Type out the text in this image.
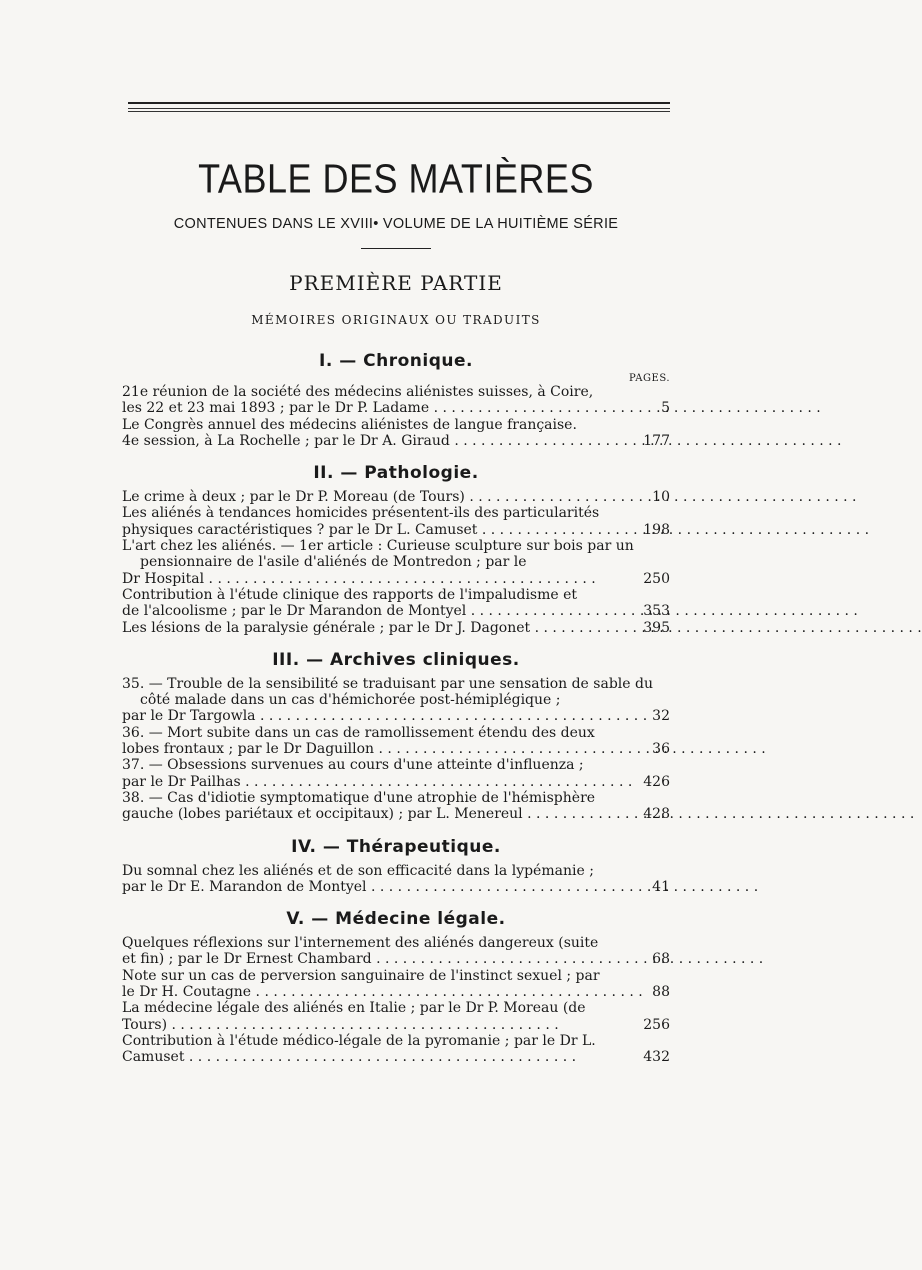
TABLE DES MATIÈRES
CONTENUES DANS LE XVIII• VOLUME DE LA HUITIÈME SÉRIE
PREMIÈRE PARTIE
MÉMOIRES ORIGINAUX OU TRADUITS
I. — Chronique.
PAGES.
21e réunion de la société des médecins aliénistes suisses, à Coire,
les 22 et 23 mai 1893 ; par le Dr P. Ladame . . .	5
Le Congrès annuel des médecins aliénistes de langue française.
4e session, à La Rochelle ; par le Dr A. Giraud . . .	177
II. — Pathologie.
Le crime à deux ; par le Dr P. Moreau (de Tours) . . .	10
Les aliénés à tendances homicides présentent-ils des particularités
physiques caractéristiques ? par le Dr L. Camuset . . .	198
L'art chez les aliénés. — 1er article : Curieuse sculpture sur bois par un pensionnaire de l'asile d'aliénés de Montredon ; par le
Dr Hospital . . .	250
Contribution à l'étude clinique des rapports de l'impaludisme et
de l'alcoolisme ; par le Dr Marandon de Montyel . . .	353
Les lésions de la paralysie générale ; par le Dr J. Dagonet . . .	395
III. — Archives cliniques.
35. — Trouble de la sensibilité se traduisant par une sensation de sable du côté malade dans un cas d'hémichorée post-hémiplégique ;
par le Dr Targowla . . .	32
36. — Mort subite dans un cas de ramollissement étendu des deux
lobes frontaux ; par le Dr Daguillon . . .	36
37. — Obsessions survenues au cours d'une atteinte d'influenza ;
par le Dr Pailhas . . .	426
38. — Cas d'idiotie symptomatique d'une atrophie de l'hémisphère
gauche (lobes pariétaux et occipitaux) ; par L. Menereul . . .	428
IV. — Thérapeutique.
Du somnal chez les aliénés et de son efficacité dans la lypémanie ;
par le Dr E. Marandon de Montyel . . .	41
V. — Médecine légale.
Quelques réflexions sur l'internement des aliénés dangereux (suite
et fin) ; par le Dr Ernest Chambard . . .	68
Note sur un cas de perversion sanguinaire de l'instinct sexuel ; par
le Dr H. Coutagne . . .	88
La médecine légale des aliénés en Italie ; par le Dr P. Moreau (de
Tours) . . .	256
Contribution à l'étude médico-légale de la pyromanie ; par le Dr L.
Camuset . . .	432
